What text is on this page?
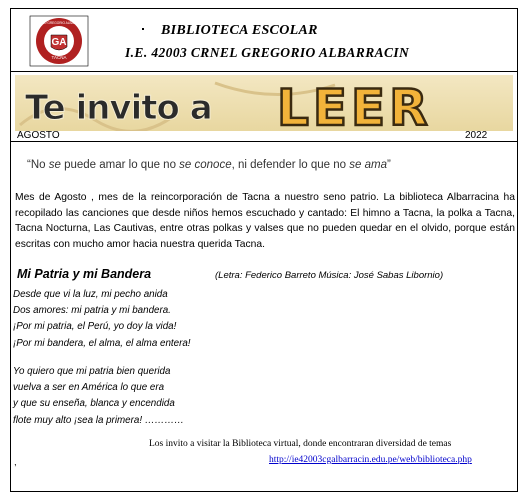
GA
TACNA
COLEGIO GREGORIO ALBARRACIN	BIBLIOTECA ESCOLAR
I.E. 42003 CRNEL GREGORIO ALBARRACIN
Te invito a LEER
AGOSTO	2022
“No se puede amar lo que no se conoce, ni defender lo que no se ama”
Mes de Agosto , mes de la reincorporación de Tacna a nuestro seno patrio. La biblioteca Albarracina ha recopilado las canciones que desde niños hemos escuchado y cantado: El himno a Tacna, la polka a Tacna, Tacna Nocturna, Las Cautivas, entre otras polkas y valses que no pueden quedar en el olvido, porque están escritas con mucho amor hacia nuestra querida Tacna.
Mi Patria y mi Bandera	(Letra: Federico Barreto Música: José Sabas Libornio)
Desde que vi la luz, mi pecho anida
Dos amores: mi patria y mi bandera.
¡Por mi patria, el Perú, yo doy la vida!
¡Por mi bandera, el alma, el alma entera!
Yo quiero que mi patria bien querida
vuelva a ser en América lo que era
y que su enseña, blanca y encendida
flote muy alto ¡sea la primera! …………
Los invito a visitar la Biblioteca virtual, donde encontraran diversidad de temas
,	http://ie42003cgalbarracin.edu.pe/web/biblioteca.php
